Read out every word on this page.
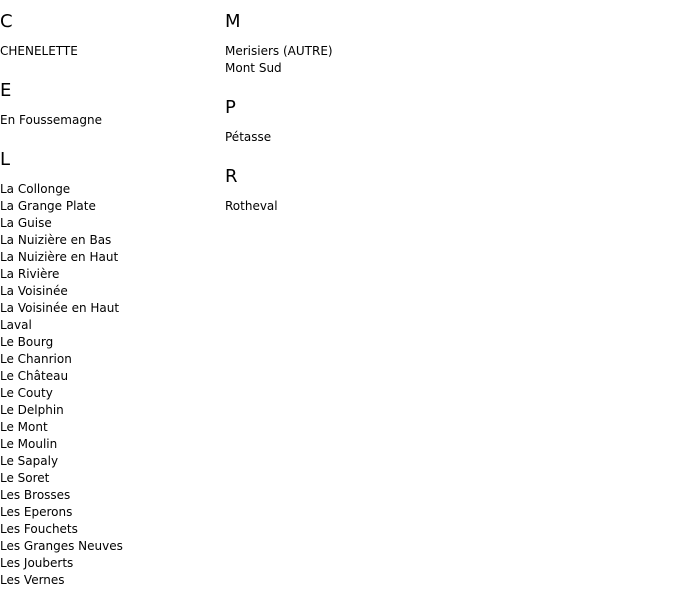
C
CHENELETTE
E
En Foussemagne
L
La Collonge
La Grange Plate
La Guise
La Nuizière en Bas
La Nuizière en Haut
La Rivière
La Voisinée
La Voisinée en Haut
Laval
Le Bourg
Le Chanrion
Le Château
Le Couty
Le Delphin
Le Mont
Le Moulin
Le Sapaly
Le Soret
Les Brosses
Les Eperons
Les Fouchets
Les Granges Neuves
Les Jouberts
Les Vernes
M
Merisiers (AUTRE)
Mont Sud
P
Pétasse
R
Rotheval
